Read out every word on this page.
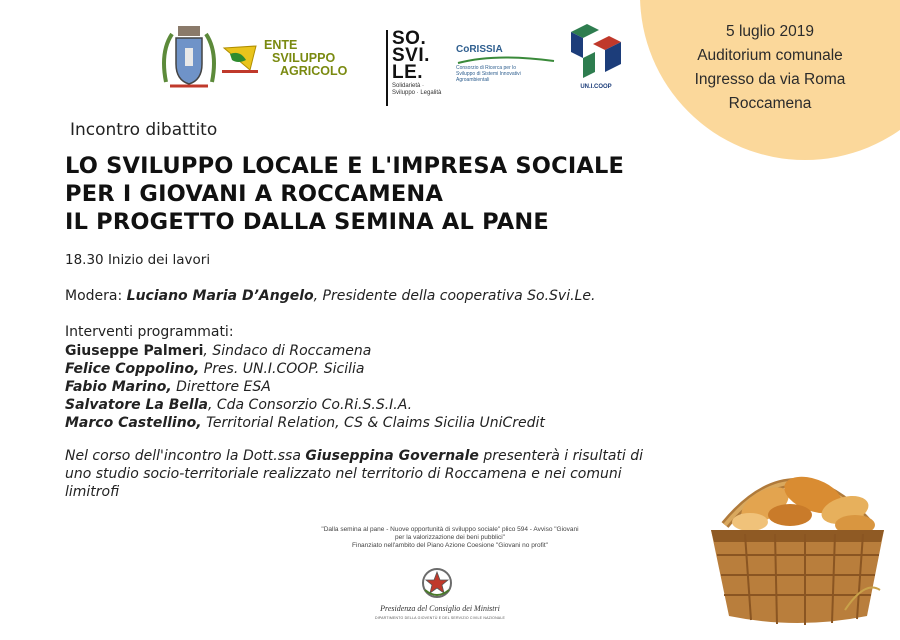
5 luglio 2019
Auditorium comunale
Ingresso da via Roma
Roccamena
ENTE
SVILUPPO
AGRICOLO
SO. SVI. LE.
Solidarietà · Sviluppo · Legalità
CoRISSIA
Consorzio di Ricerca per lo Sviluppo di Sistemi Innovativi Agroambientali
UN.I.COOP
Incontro dibattito
LO SVILUPPO LOCALE E L'IMPRESA SOCIALE
PER I GIOVANI A ROCCAMENA
IL PROGETTO DALLA SEMINA AL PANE
18.30 Inizio dei lavori
Modera: Luciano Maria D’Angelo, Presidente della cooperativa So.Svi.Le.
Interventi programmati:
Giuseppe Palmeri, Sindaco di Roccamena
Felice Coppolino, Pres. UN.I.COOP. Sicilia
Fabio Marino, Direttore ESA
Salvatore La Bella, Cda Consorzio Co.Ri.S.S.I.A.
Marco Castellino, Territorial Relation, CS & Claims Sicilia UniCredit
Nel corso dell'incontro la Dott.ssa Giuseppina Governale presenterà i risultati di uno studio socio-territoriale realizzato nel territorio di Roccamena e nei comuni limitrofi
"Dalla semina al pane - Nuove opportunità di sviluppo sociale" plico 594 - Avviso "Giovani
per la valorizzazione dei beni pubblici"
Finanziato nell'ambito del Piano Azione Coesione "Giovani no profit"
Presidenza del Consiglio dei Ministri
DIPARTIMENTO DELLA GIOVENTÙ E DEL SERVIZIO CIVILE NAZIONALE
